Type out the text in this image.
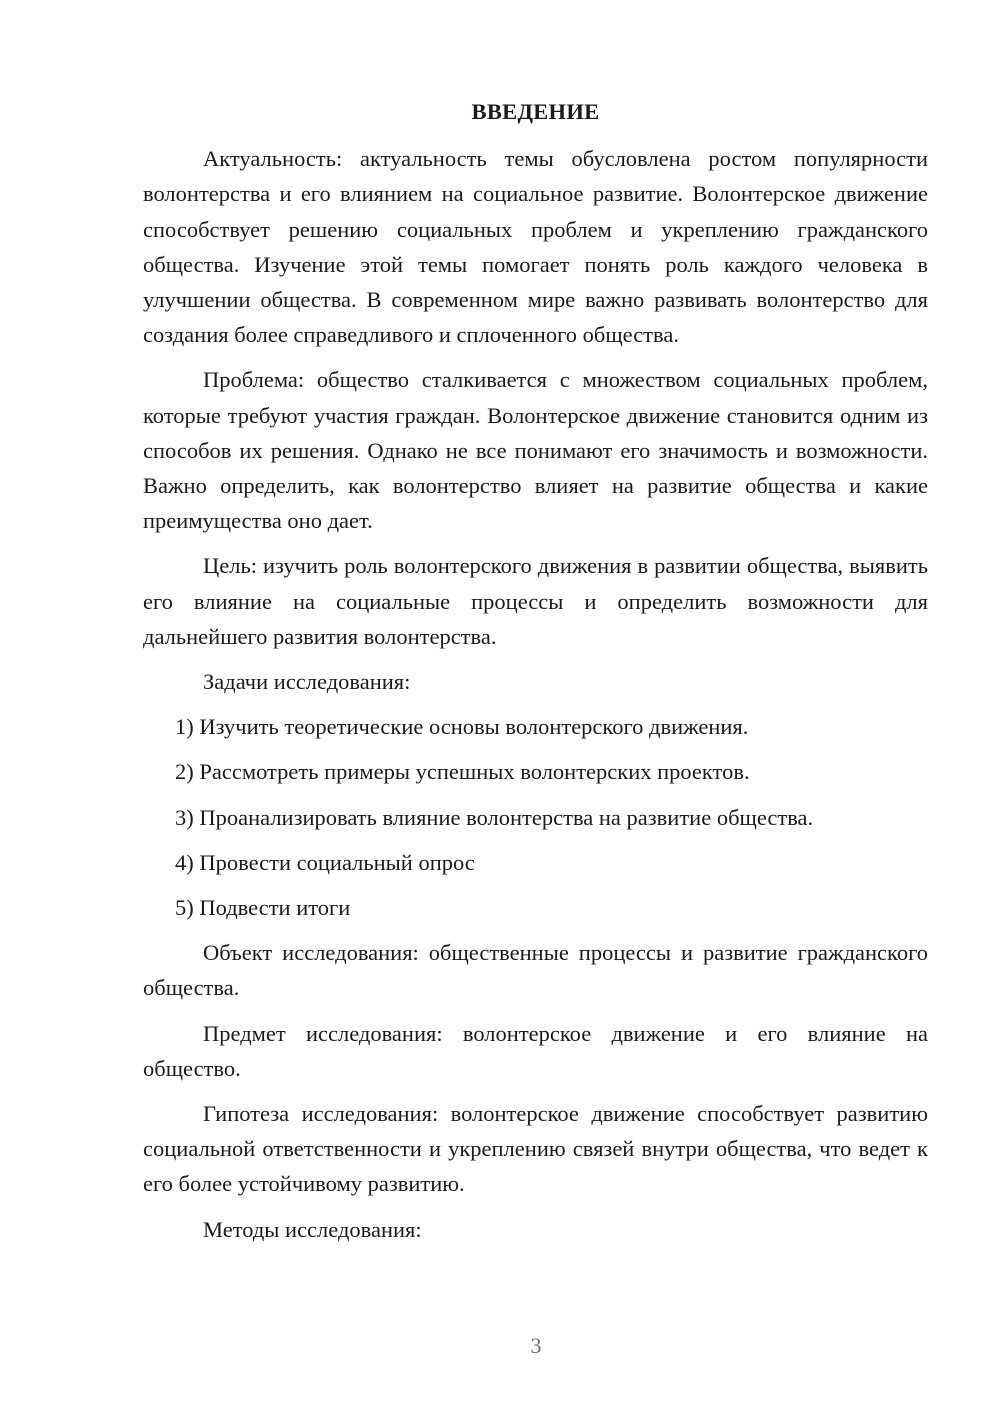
ВВЕДЕНИЕ

Актуальность: актуальность темы обусловлена ростом популярности волонтерства и его влиянием на социальное развитие. Волонтерское движение способствует решению социальных проблем и укреплению гражданского общества. Изучение этой темы помогает понять роль каждого человека в улучшении общества. В современном мире важно развивать волонтерство для создания более справедливого и сплоченного общества.

Проблема: общество сталкивается с множеством социальных проблем, которые требуют участия граждан. Волонтерское движение становится одним из способов их решения. Однако не все понимают его значимость и возможности. Важно определить, как волонтерство влияет на развитие общества и какие преимущества оно дает.

Цель: изучить роль волонтерского движения в развитии общества, выявить его влияние на социальные процессы и определить возможности для дальнейшего развития волонтерства.

Задачи исследования:

1) Изучить теоретические основы волонтерского движения.
2) Рассмотреть примеры успешных волонтерских проектов.
3) Проанализировать влияние волонтерства на развитие общества.
4) Провести социальный опрос
5) Подвести итоги

Объект исследования: общественные процессы и развитие гражданского общества.

Предмет исследования: волонтерское движение и его влияние на общество.

Гипотеза исследования: волонтерское движение способствует развитию социальной ответственности и укреплению связей внутри общества, что ведет к его более устойчивому развитию.

Методы исследования:

3
